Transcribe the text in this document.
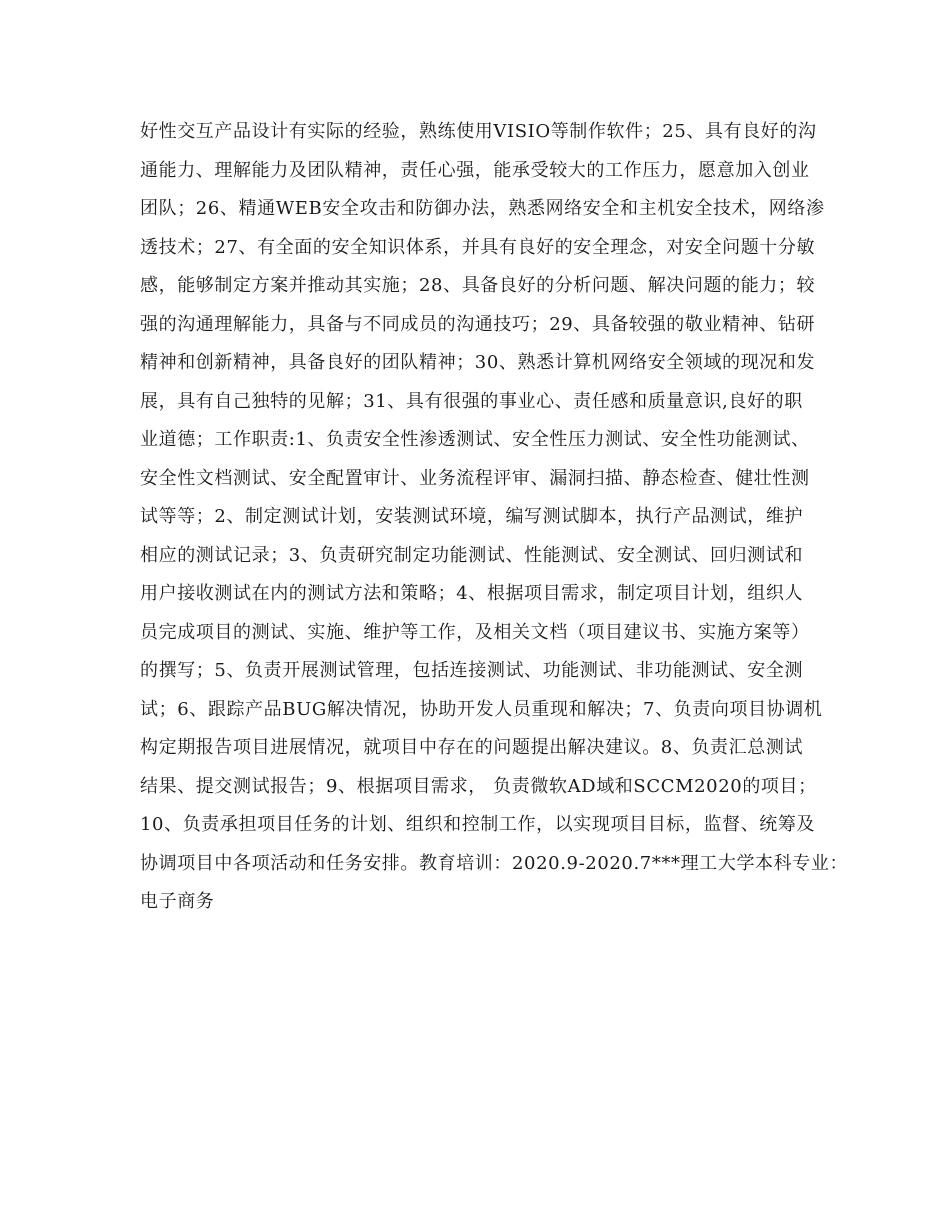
好性交互产品设计有实际的经验，熟练使用VISIO等制作软件；25、具有良好的沟
通能力、理解能力及团队精神，责任心强，能承受较大的工作压力，愿意加入创业
团队；26、精通WEB安全攻击和防御办法，熟悉网络安全和主机安全技术，网络渗
透技术；27、有全面的安全知识体系，并具有良好的安全理念，对安全问题十分敏
感，能够制定方案并推动其实施；28、具备良好的分析问题、解决问题的能力；较
强的沟通理解能力，具备与不同成员的沟通技巧；29、具备较强的敬业精神、钻研
精神和创新精神，具备良好的团队精神；30、熟悉计算机网络安全领域的现况和发
展，具有自己独特的见解；31、具有很强的事业心、责任感和质量意识,良好的职
业道德；工作职责:1、负责安全性渗透测试、安全性压力测试、安全性功能测试、
安全性文档测试、安全配置审计、业务流程评审、漏洞扫描、静态检查、健壮性测
试等等；2、制定测试计划，安装测试环境，编写测试脚本，执行产品测试，维护
相应的测试记录；3、负责研究制定功能测试、性能测试、安全测试、回归测试和
用户接收测试在内的测试方法和策略；4、根据项目需求，制定项目计划，组织人
员完成项目的测试、实施、维护等工作，及相关文档（项目建议书、实施方案等）
的撰写；5、负责开展测试管理，包括连接测试、功能测试、非功能测试、安全测
试；6、跟踪产品BUG解决情况，协助开发人员重现和解决；7、负责向项目协调机
构定期报告项目进展情况，就项目中存在的问题提出解决建议。8、负责汇总测试
结果、提交测试报告；9、根据项目需求， 负责微软AD域和SCCM2020的项目；
10、负责承担项目任务的计划、组织和控制工作，以实现项目目标，监督、统筹及
协调项目中各项活动和任务安排。教育培训：2020.9-2020.7***理工大学本科专业：
电子商务
